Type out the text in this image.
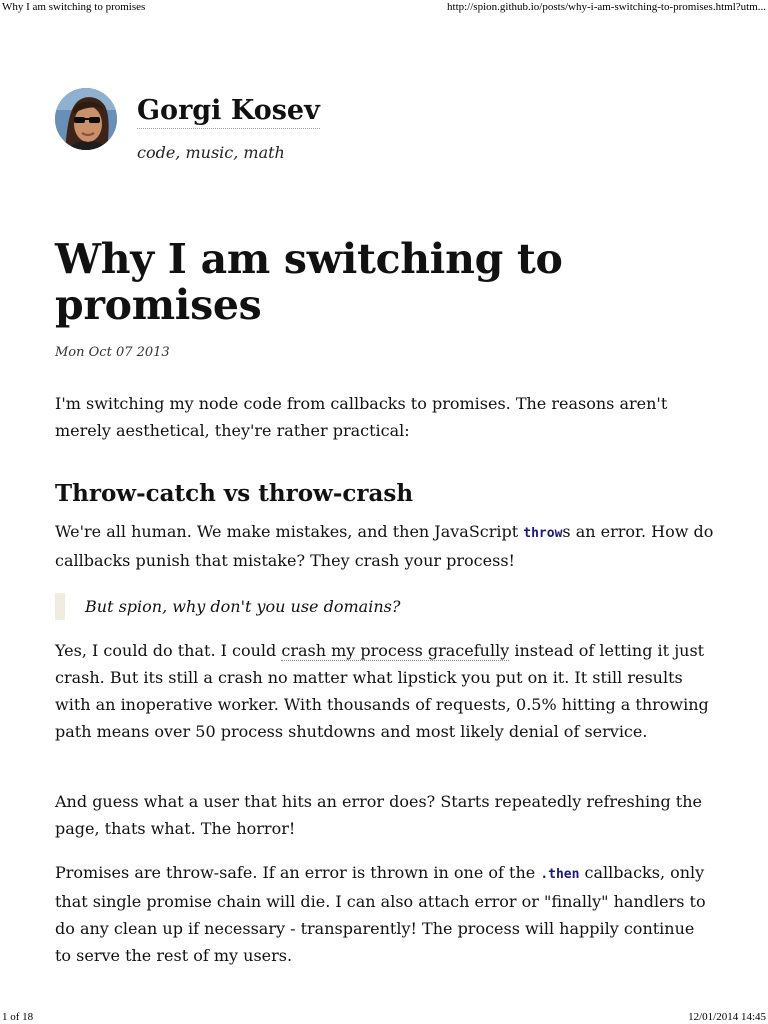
Why I am switching to promises	http://spion.github.io/posts/why-i-am-switching-to-promises.html?utm...
Gorgi Kosev
code, music, math
Why I am switching to promises
Mon Oct 07 2013

I'm switching my node code from callbacks to promises. The reasons aren't merely aesthetical, they're rather practical:

Throw-catch vs throw-crash

We're all human. We make mistakes, and then JavaScript throws an error. How do callbacks punish that mistake? They crash your process!

But spion, why don't you use domains?

Yes, I could do that. I could crash my process gracefully instead of letting it just crash. But its still a crash no matter what lipstick you put on it. It still results with an inoperative worker. With thousands of requests, 0.5% hitting a throwing path means over 50 process shutdowns and most likely denial of service.

And guess what a user that hits an error does? Starts repeatedly refreshing the page, thats what. The horror!

Promises are throw-safe. If an error is thrown in one of the .then callbacks, only that single promise chain will die. I can also attach error or "finally" handlers to do any clean up if necessary - transparently! The process will happily continue to serve the rest of my users.

1 of 18	12/01/2014 14:45
